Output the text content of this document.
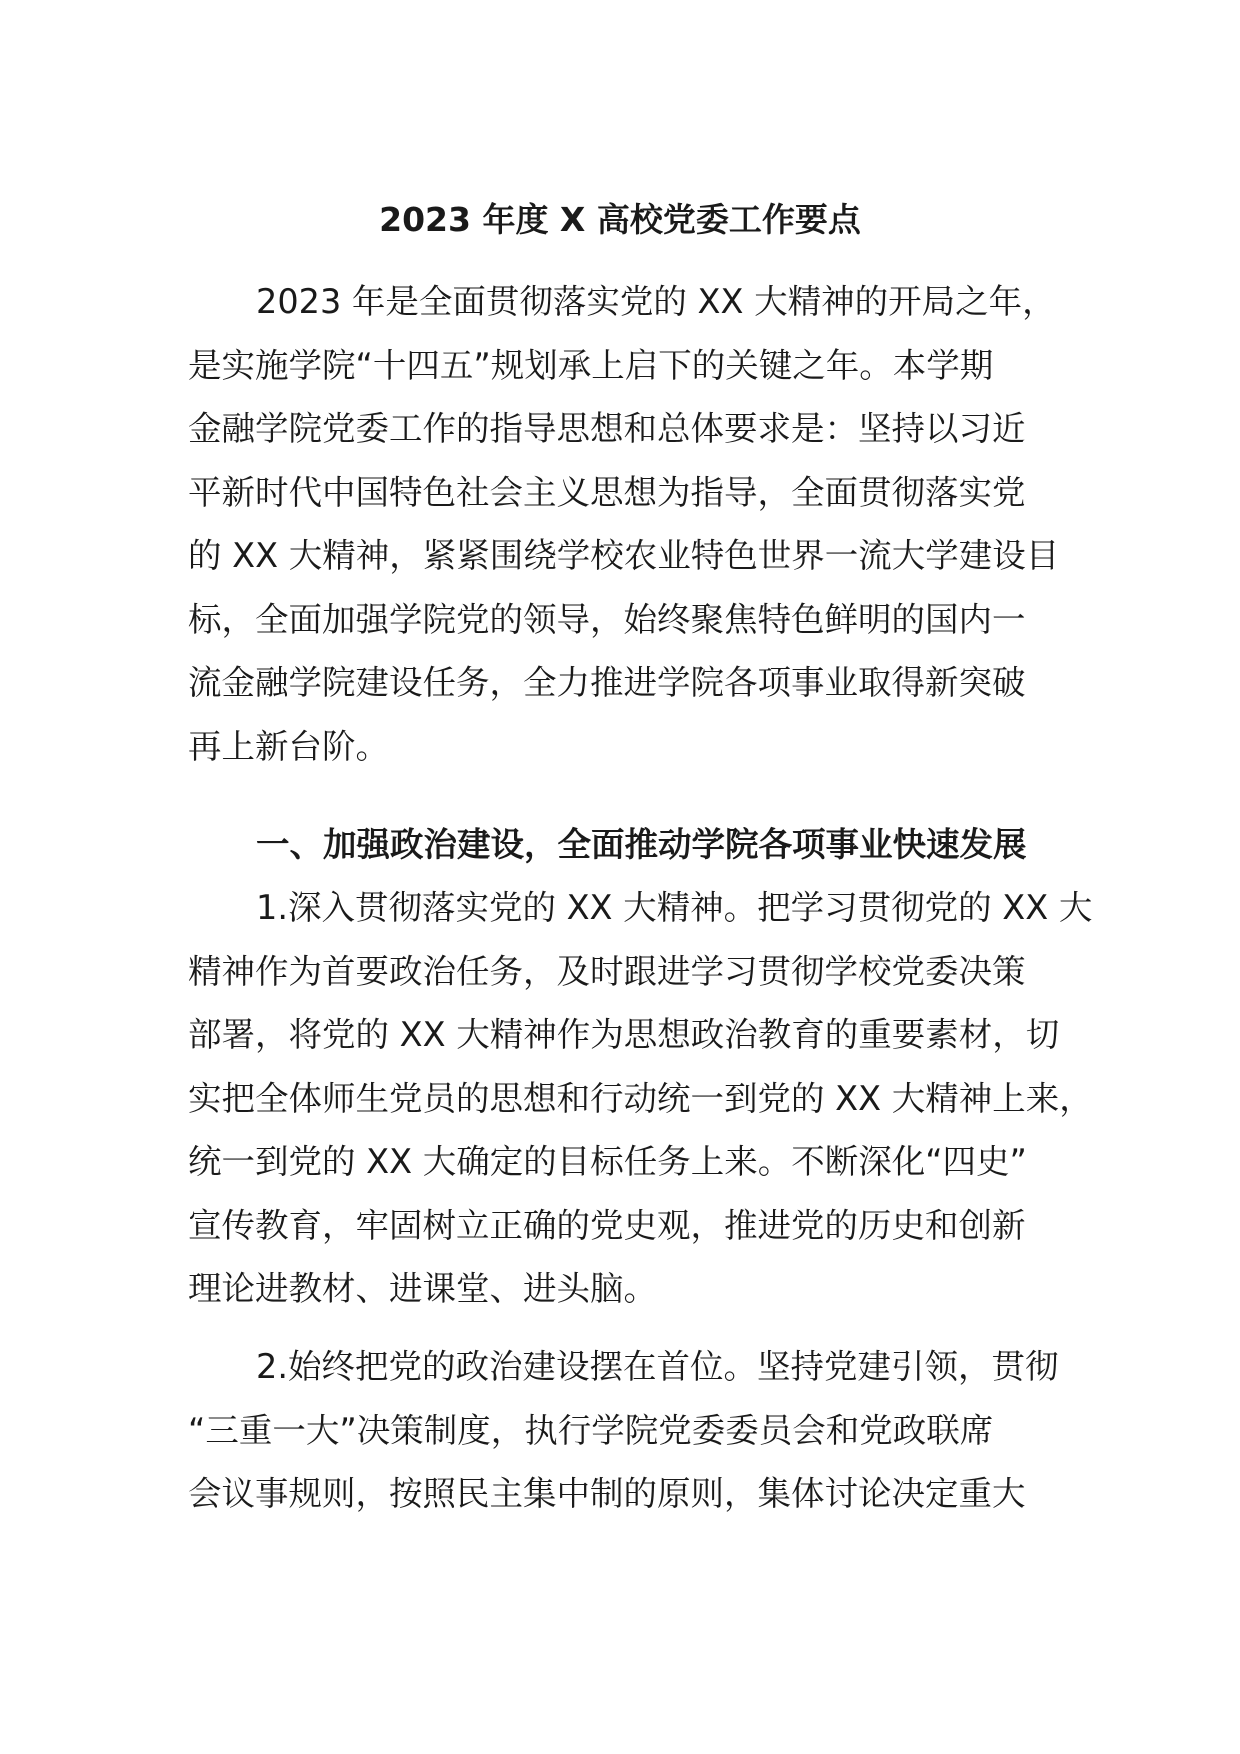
2023 年度 X 高校党委工作要点

2023 年是全面贯彻落实党的 XX 大精神的开局之年，
是实施学院“十四五”规划承上启下的关键之年。本学期
金融学院党委工作的指导思想和总体要求是：坚持以习近
平新时代中国特色社会主义思想为指导，全面贯彻落实党
的 XX 大精神，紧紧围绕学校农业特色世界一流大学建设目
标，全面加强学院党的领导，始终聚焦特色鲜明的国内一
流金融学院建设任务，全力推进学院各项事业取得新突破
再上新台阶。

一、加强政治建设，全面推动学院各项事业快速发展

1.深入贯彻落实党的 XX 大精神。把学习贯彻党的 XX 大
精神作为首要政治任务，及时跟进学习贯彻学校党委决策
部署，将党的 XX 大精神作为思想政治教育的重要素材，切
实把全体师生党员的思想和行动统一到党的 XX 大精神上来，
统一到党的 XX 大确定的目标任务上来。不断深化“四史”
宣传教育，牢固树立正确的党史观，推进党的历史和创新
理论进教材、进课堂、进头脑。

2.始终把党的政治建设摆在首位。坚持党建引领，贯彻
“三重一大”决策制度，执行学院党委委员会和党政联席
会议事规则，按照民主集中制的原则，集体讨论决定重大
